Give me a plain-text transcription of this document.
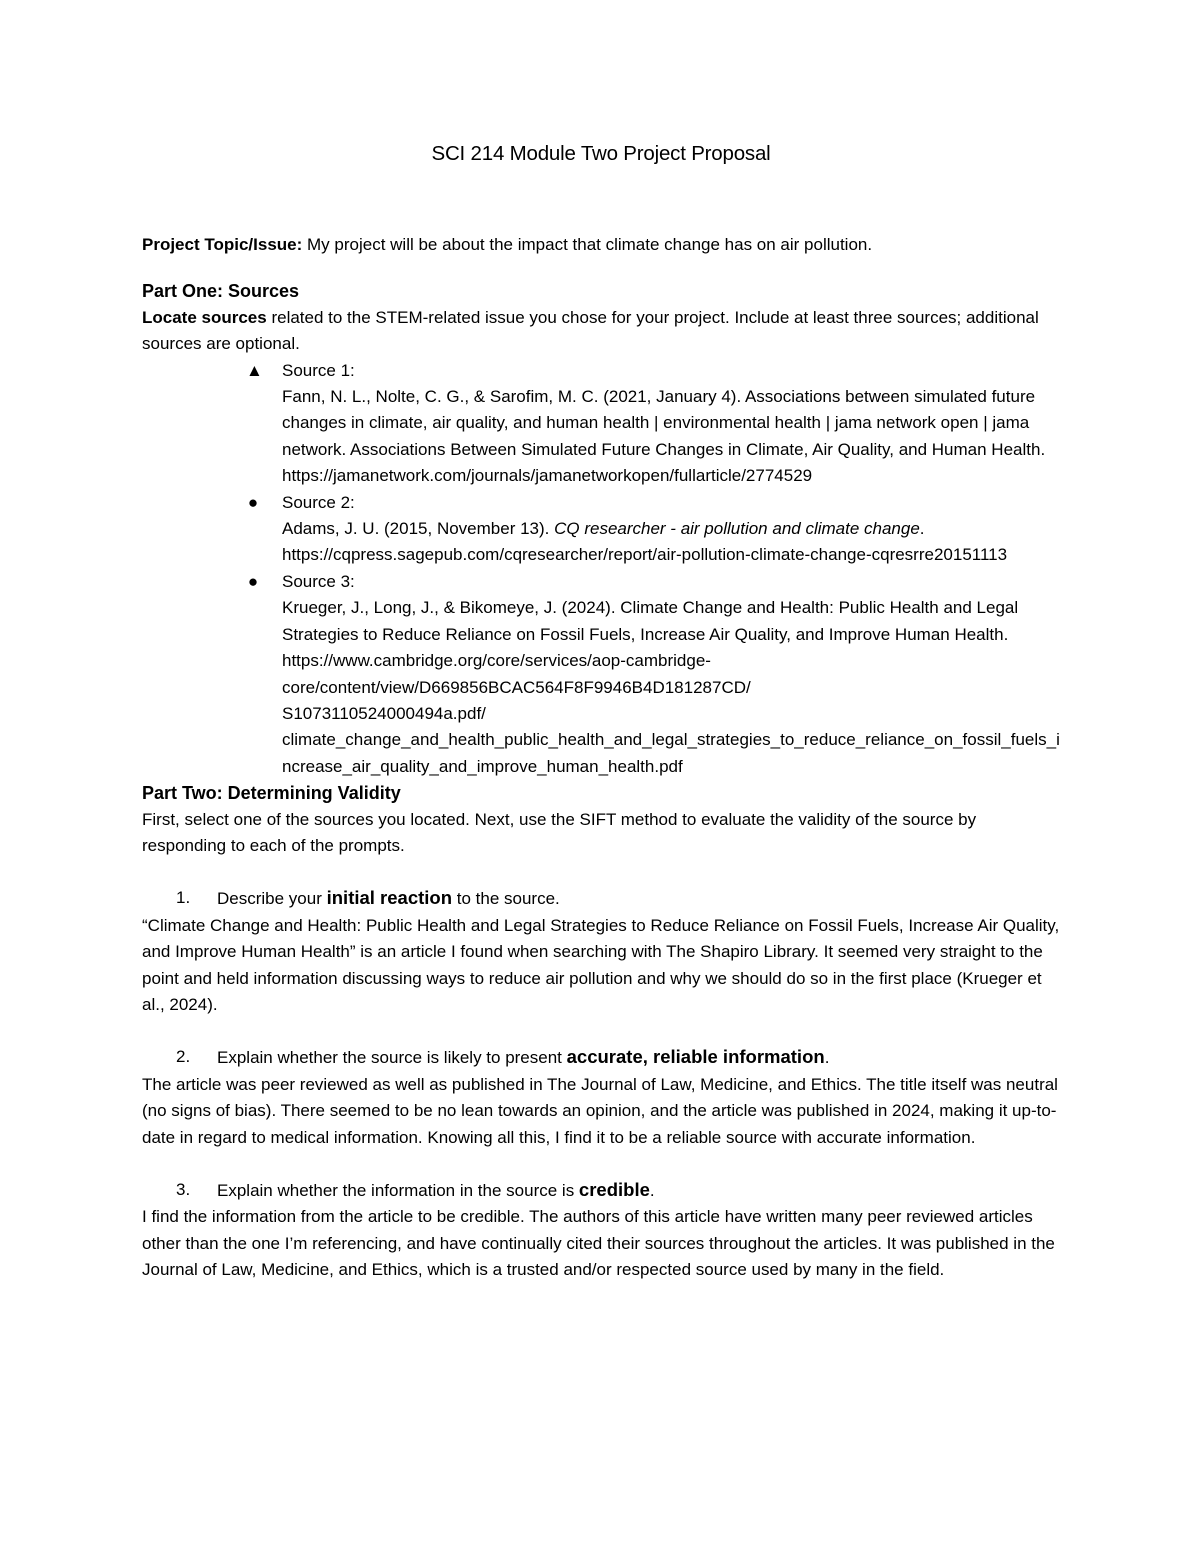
SCI 214 Module Two Project Proposal

Project Topic/Issue: My project will be about the impact that climate change has on air pollution.

Part One: Sources

Locate sources related to the STEM-related issue you chose for your project. Include at least three sources; additional sources are optional.

▲ Source 1:
Fann, N. L., Nolte, C. G., & Sarofim, M. C. (2021, January 4). Associations between simulated future changes in climate, air quality, and human health | environmental health | jama network open | jama network. Associations Between Simulated Future Changes in Climate, Air Quality, and Human Health.
https://jamanetwork.com/journals/jamanetworkopen/fullarticle/2774529
● Source 2:
Adams, J. U. (2015, November 13). CQ researcher - air pollution and climate change.
https://cqpress.sagepub.com/cqresearcher/report/air-pollution-climate-change-cqresrre20151113
● Source 3:
Krueger, J., Long, J., & Bikomeye, J. (2024). Climate Change and Health: Public Health and Legal Strategies to Reduce Reliance on Fossil Fuels, Increase Air Quality, and Improve Human Health. https://www.cambridge.org/core/services/aop-cambridge-core/content/view/D669856BCAC564F8F9946B4D181287CD/
S1073110524000494a.pdf/
climate_change_and_health_public_health_and_legal_strategies_to_reduce_reliance_on_fossil_fuels_increase_air_quality_and_improve_human_health.pdf

Part Two: Determining Validity

First, select one of the sources you located. Next, use the SIFT method to evaluate the validity of the source by responding to each of the prompts.

1. Describe your initial reaction to the source.

“Climate Change and Health: Public Health and Legal Strategies to Reduce Reliance on Fossil Fuels, Increase Air Quality, and Improve Human Health” is an article I found when searching with The Shapiro Library. It seemed very straight to the point and held information discussing ways to reduce air pollution and why we should do so in the first place (Krueger et al., 2024).

2. Explain whether the source is likely to present accurate, reliable information.

The article was peer reviewed as well as published in The Journal of Law, Medicine, and Ethics. The title itself was neutral (no signs of bias). There seemed to be no lean towards an opinion, and the article was published in 2024, making it up-to-date in regard to medical information. Knowing all this, I find it to be a reliable source with accurate information.

3. Explain whether the information in the source is credible.

I find the information from the article to be credible. The authors of this article have written many peer reviewed articles other than the one I’m referencing, and have continually cited their sources throughout the articles. It was published in the Journal of Law, Medicine, and Ethics, which is a trusted and/or respected source used by many in the field.
